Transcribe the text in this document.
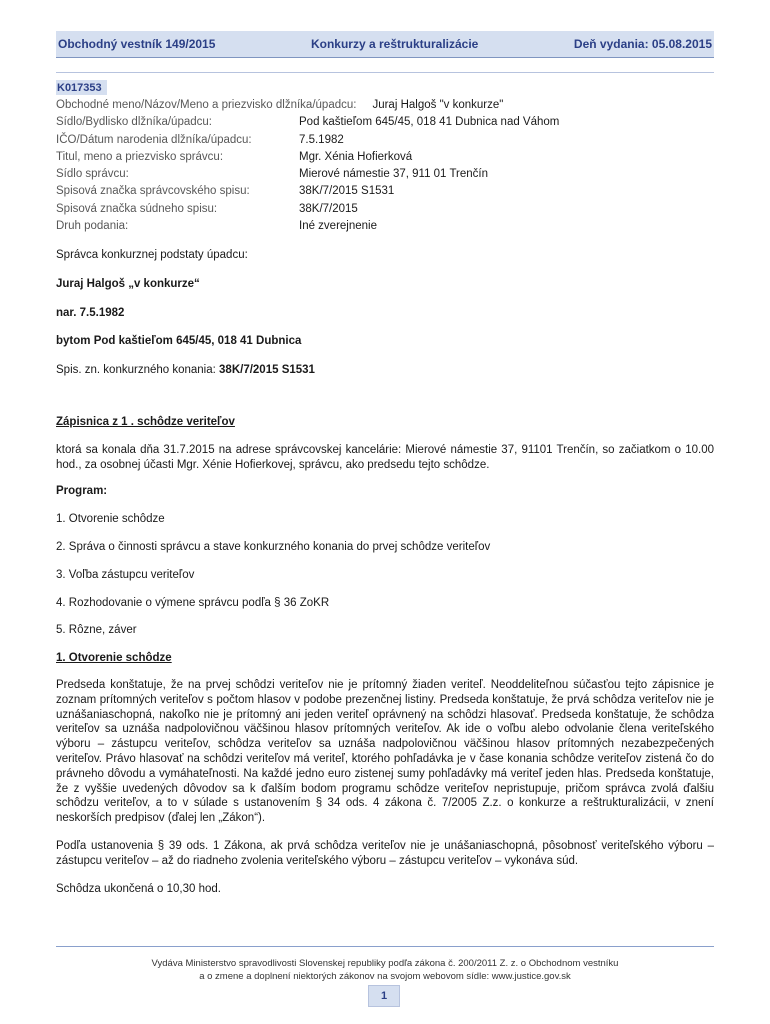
Obchodný vestník 149/2015	Konkurzy a reštrukturalizácie	Deň vydania: 05.08.2015
K017353
Obchodné meno/Názov/Meno a priezvisko dlžníka/úpadcu: Juraj Halgoš "v konkurze"
Sídlo/Bydlisko dlžníka/úpadcu:	Pod kaštieľom 645/45, 018 41 Dubnica nad Váhom
IČO/Dátum narodenia dlžníka/úpadcu:	7.5.1982
Titul, meno a priezvisko správcu:	Mgr. Xénia Hofierková
Sídlo správcu:	Mierové námestie 37, 911 01 Trenčín
Spisová značka správcovského spisu:	38K/7/2015 S1531
Spisová značka súdneho spisu:	38K/7/2015
Druh podania:	Iné zverejnenie

Správca konkurznej podstaty úpadcu:

Juraj Halgoš „v konkurze“

nar. 7.5.1982

bytom Pod kaštieľom 645/45, 018 41 Dubnica

Spis. zn. konkurzného konania: 38K/7/2015 S1531

Zápisnica z 1 . schôdze veriteľov

ktorá sa konala dňa 31.7.2015 na adrese správcovskej kancelárie: Mierové námestie 37, 91101 Trenčín, so začiatkom o 10.00 hod., za osobnej účasti Mgr. Xénie Hofierkovej, správcu, ako predsedu tejto schôdze.

Program:

1. Otvorenie schôdze

2. Správa o činnosti správcu a stave konkurzného konania do prvej schôdze veriteľov

3. Voľba zástupcu veriteľov

4. Rozhodovanie o výmene správcu podľa § 36 ZoKR

5. Rôzne, záver

1. Otvorenie schôdze

Predseda konštatuje, že na prvej schôdzi veriteľov nie je prítomný žiaden veriteľ. Neoddeliteľnou súčasťou tejto zápisnice je zoznam prítomných veriteľov s počtom hlasov v podobe prezenčnej listiny. Predseda konštatuje, že prvá schôdza veriteľov nie je uznášaniaschopná, nakoľko nie je prítomný ani jeden veriteľ oprávnený na schôdzi hlasovať. Predseda konštatuje, že schôdza veriteľov sa uznáša nadpolovičnou väčšinou hlasov prítomných veriteľov. Ak ide o voľbu alebo odvolanie člena veriteľského výboru – zástupcu veriteľov, schôdza veriteľov sa uznáša nadpolovičnou väčšinou hlasov prítomných nezabezpečených veriteľov. Právo hlasovať na schôdzi veriteľov má veriteľ, ktorého pohľadávka je v čase konania schôdze veriteľov zistená čo do právneho dôvodu a vymáhateľnosti. Na každé jedno euro zistenej sumy pohľadávky má veriteľ jeden hlas. Predseda konštatuje, že z vyššie uvedených dôvodov sa k ďalším bodom programu schôdze veriteľov nepristupuje, pričom správca zvolá ďalšiu schôdzu veriteľov, a to v súlade s ustanovením § 34 ods. 4 zákona č. 7/2005 Z.z. o konkurze a reštrukturalizácii, v znení neskorších predpisov (ďalej len „Zákon“).

Podľa ustanovenia § 39 ods. 1 Zákona, ak prvá schôdza veriteľov nie je unášaniaschopná, pôsobnosť veriteľského výboru – zástupcu veriteľov – až do riadneho zvolenia veriteľského výboru – zástupcu veriteľov – vykonáva súd.

Schôdza ukončená o 10,30 hod.

Vydáva Ministerstvo spravodlivosti Slovenskej republiky podľa zákona č. 200/2011 Z. z. o Obchodnom vestníku
a o zmene a doplnení niektorých zákonov na svojom webovom sídle: www.justice.gov.sk
1
